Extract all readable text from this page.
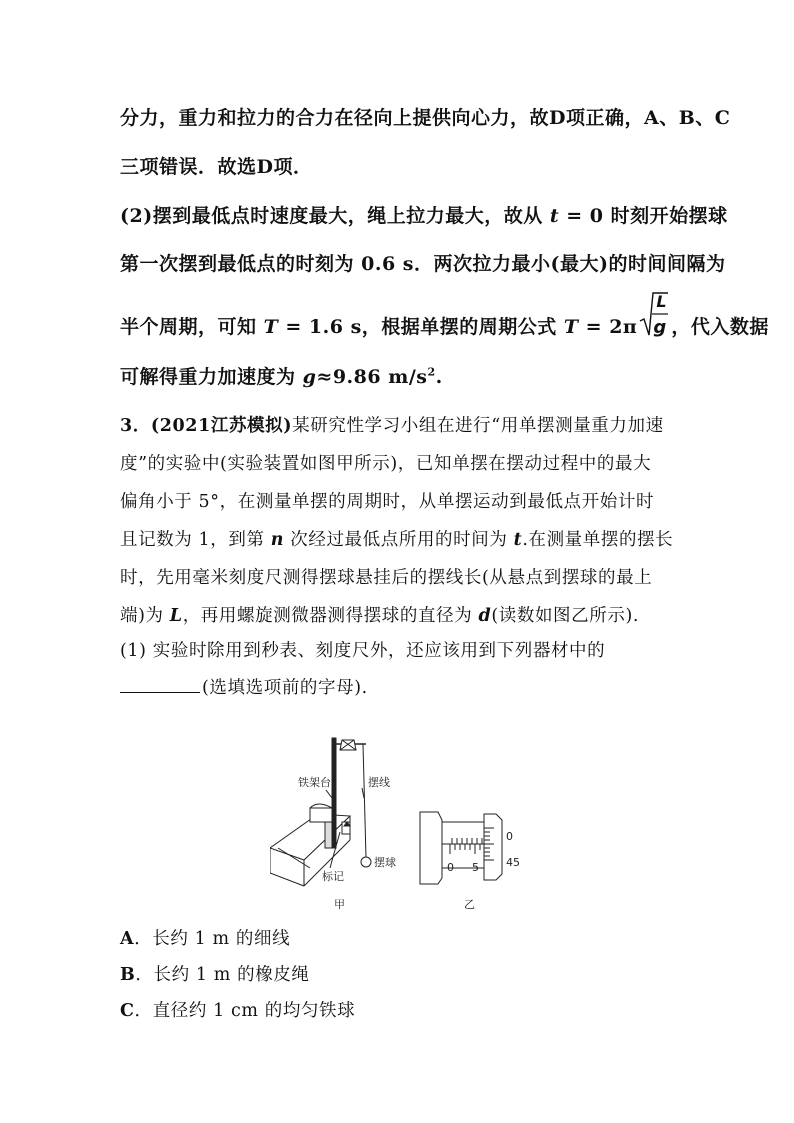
分力，重力和拉力的合力在径向上提供向心力，故D项正确，A、B、C
三项错误．故选D项．
(2)摆到最低点时速度最大，绳上拉力最大，故从 t = 0 时刻开始摆球
第一次摆到最低点的时刻为 0.6 s．两次拉力最小(最大)的时间间隔为
半个周期，可知 T = 1.6 s，根据单摆的周期公式 T = 2π
L
g ，代入数据
可解得重力加速度为 g≈9.86 $m/s^2$.
3．(2021江苏模拟)某研究性学习小组在进行“用单摆测量重力加速
度”的实验中(实验装置如图甲所示)，已知单摆在摆动过程中的最大
偏角小于 5°，在测量单摆的周期时，从单摆运动到最低点开始计时
且记数为 1，到第 n 次经过最低点所用的时间为 t.在测量单摆的摆长
时，先用毫米刻度尺测得摆球悬挂后的摆线长(从悬点到摆球的最上
端)为 L，再用螺旋测微器测得摆球的直径为 d(读数如图乙所示).
(1) 实验时除用到秒表、刻度尺外，还应该用到下列器材中的
(选填选项前的字母).
铁架台	摆线
标记
摆球
甲
0 5
0
45
乙
A．长约 1 m 的细线
B．长约 1 m 的橡皮绳
C．直径约 1 cm 的均匀铁球
